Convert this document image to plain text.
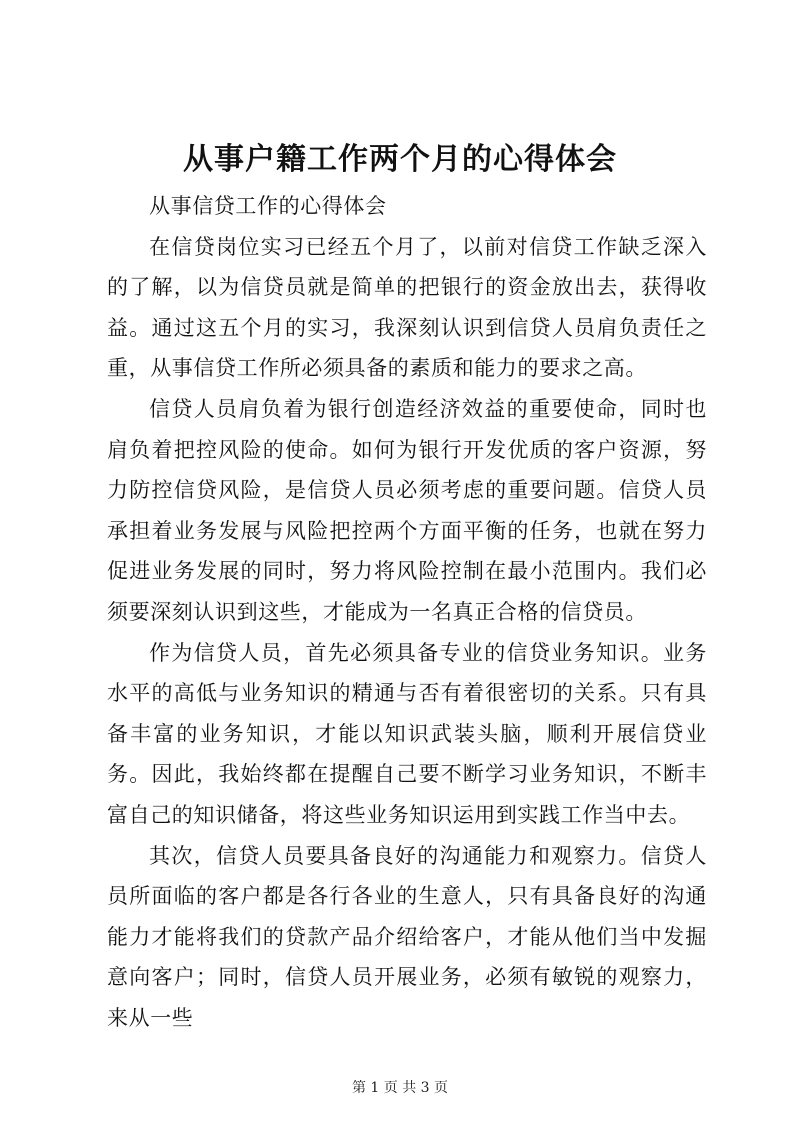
从事户籍工作两个月的心得体会

从事信贷工作的心得体会

在信贷岗位实习已经五个月了，以前对信贷工作缺乏深入的了解，以为信贷员就是简单的把银行的资金放出去，获得收益。通过这五个月的实习，我深刻认识到信贷人员肩负责任之重，从事信贷工作所必须具备的素质和能力的要求之高。

信贷人员肩负着为银行创造经济效益的重要使命，同时也肩负着把控风险的使命。如何为银行开发优质的客户资源，努力防控信贷风险，是信贷人员必须考虑的重要问题。信贷人员承担着业务发展与风险把控两个方面平衡的任务，也就在努力促进业务发展的同时，努力将风险控制在最小范围内。我们必须要深刻认识到这些，才能成为一名真正合格的信贷员。

作为信贷人员，首先必须具备专业的信贷业务知识。业务水平的高低与业务知识的精通与否有着很密切的关系。只有具备丰富的业务知识，才能以知识武装头脑，顺利开展信贷业务。因此，我始终都在提醒自己要不断学习业务知识，不断丰富自己的知识储备，将这些业务知识运用到实践工作当中去。

其次，信贷人员要具备良好的沟通能力和观察力。信贷人员所面临的客户都是各行各业的生意人，只有具备良好的沟通能力才能将我们的贷款产品介绍给客户，才能从他们当中发掘意向客户；同时，信贷人员开展业务，必须有敏锐的观察力，来从一些

第 1 页 共 3 页
